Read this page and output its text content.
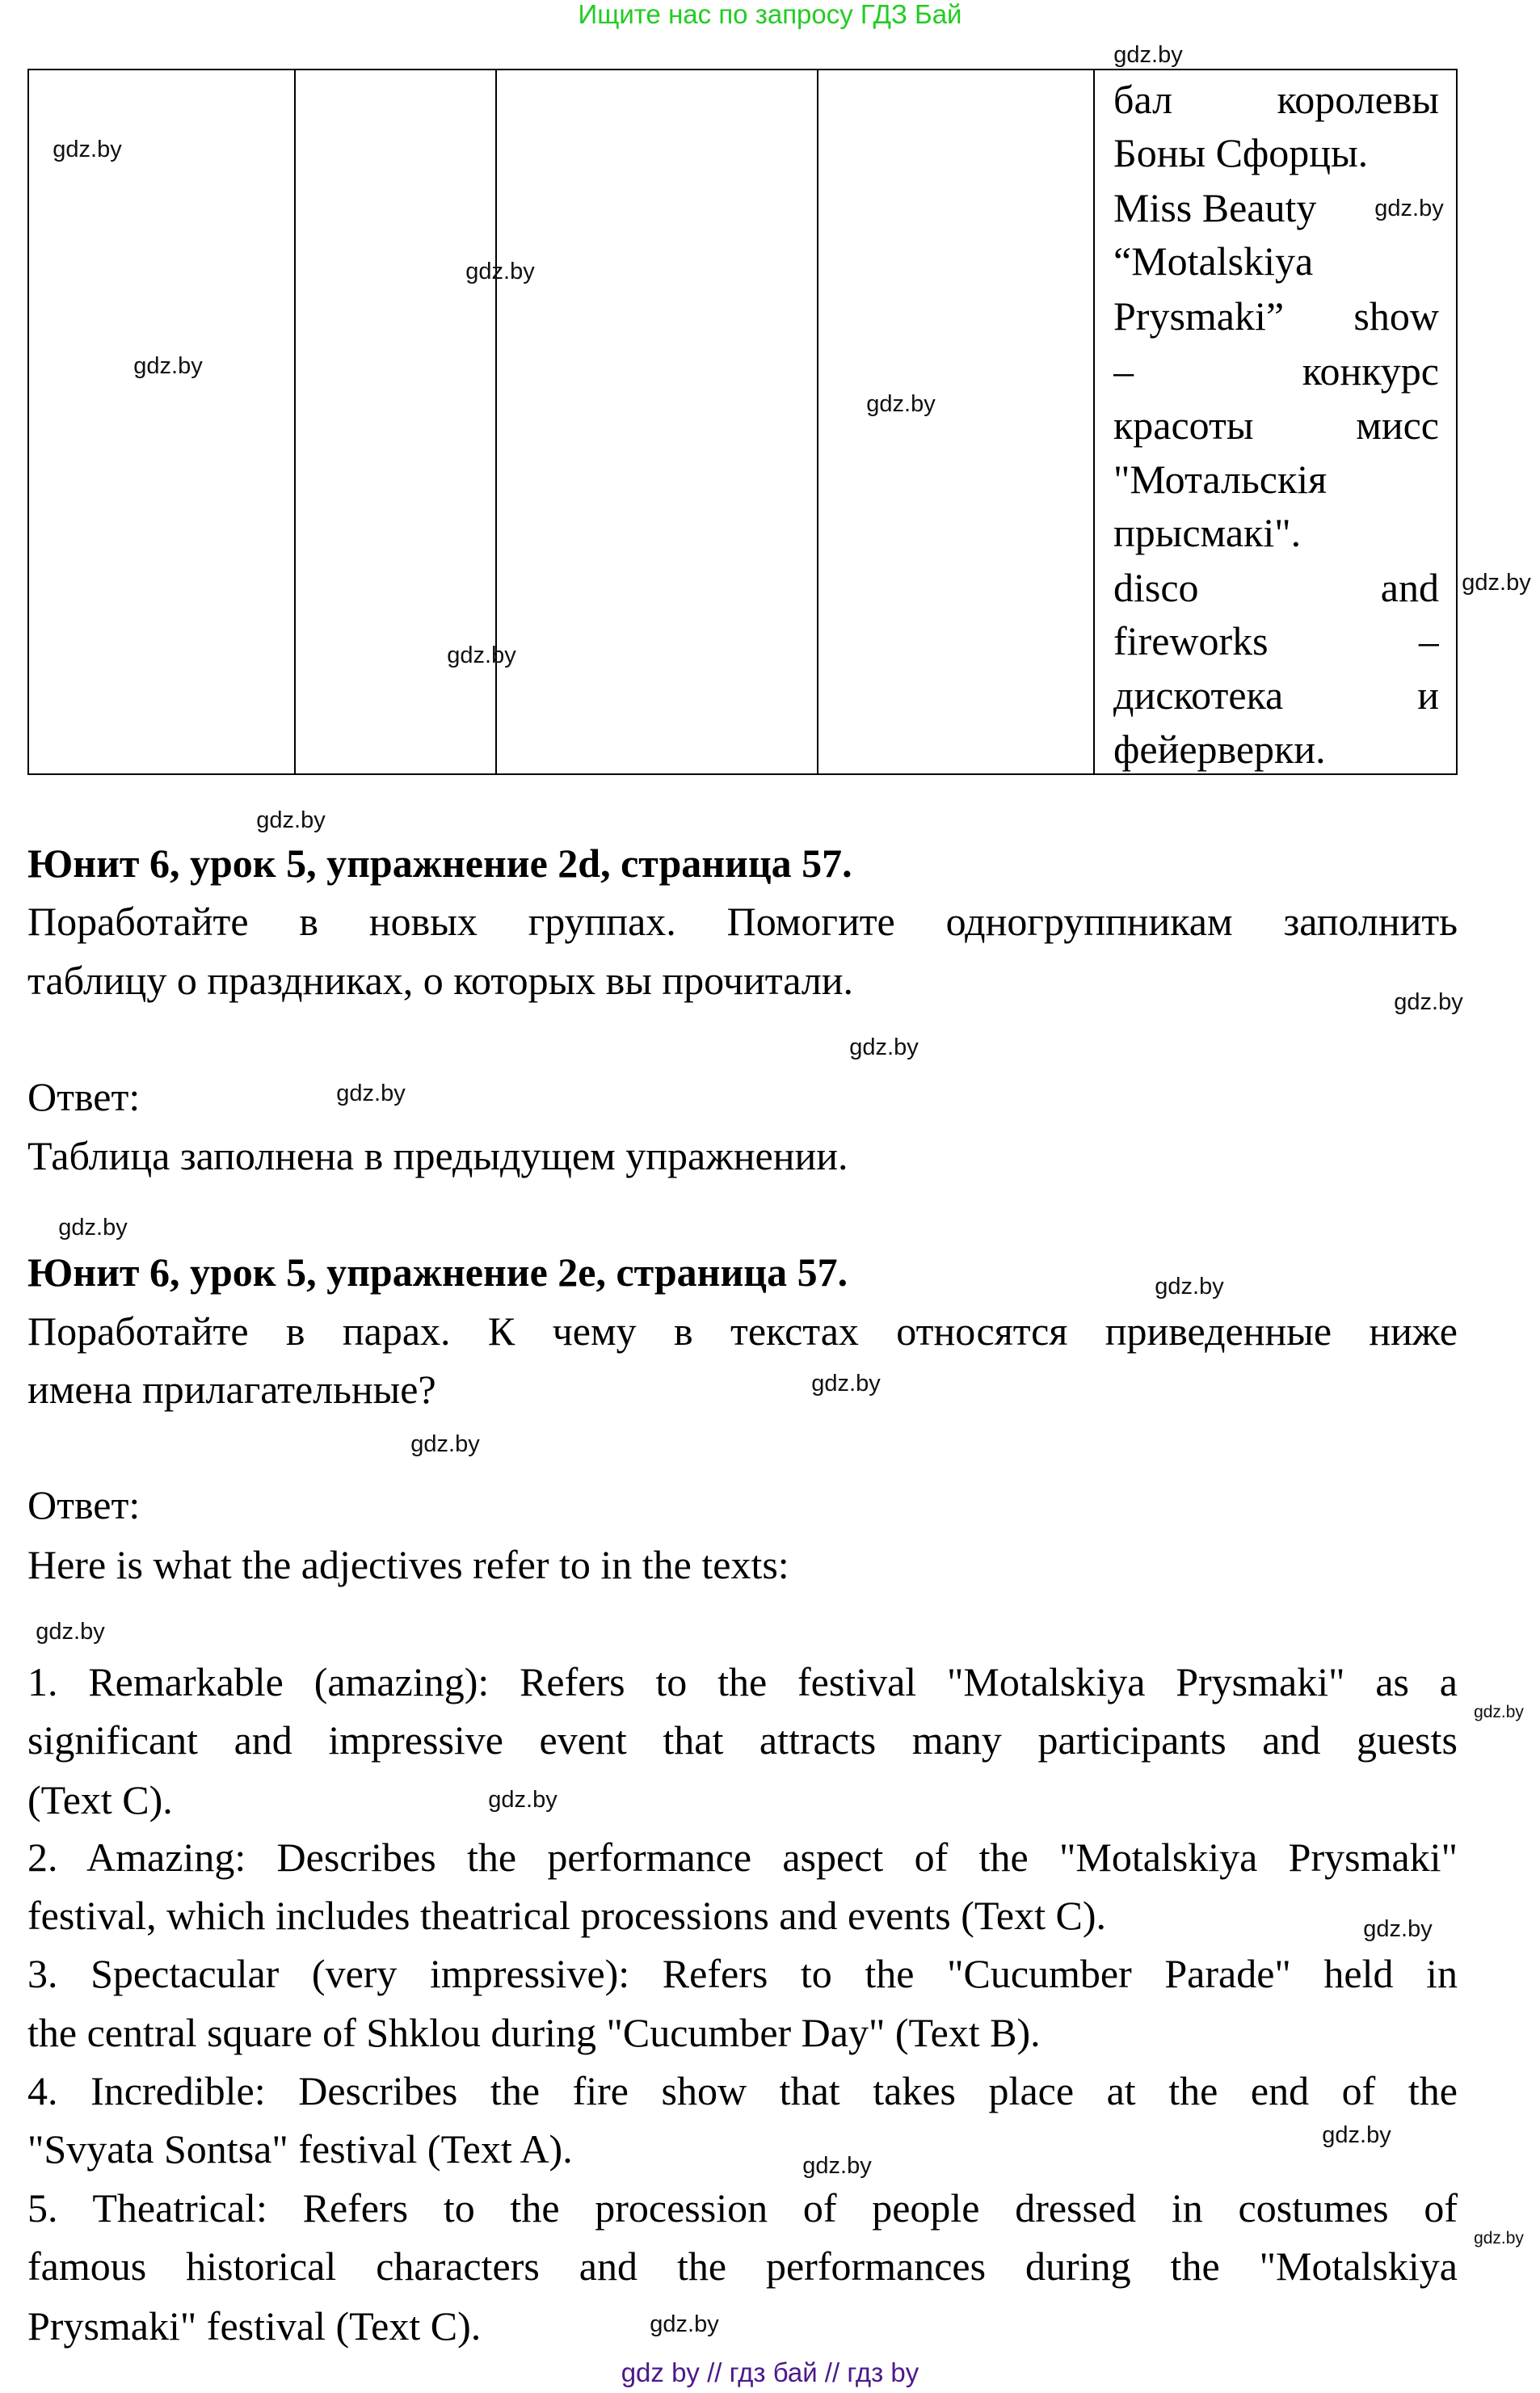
Ищите нас по запросу ГДЗ Бай
бал королевы
Боны Сфорцы.
Miss Beauty
“Motalskiya
Prysmaki” show
– конкурс
красоты мисс
"Мотальскія
прысмакі".
disco and
fireworks –
дискотека и
фейерверки.
Юнит 6, урок 5, упражнение 2d, страница 57.
Поработайте в новых группах. Помогите одногруппникам заполнить
таблицу о праздниках, о которых вы прочитали.
Ответ:
Таблица заполнена в предыдущем упражнении.
Юнит 6, урок 5, упражнение 2e, страница 57.
Поработайте в парах. К чему в текстах относятся приведенные ниже
имена прилагательные?
Ответ:
Here is what the adjectives refer to in the texts:
1. Remarkable (amazing): Refers to the festival "Motalskiya Prysmaki" as a
significant and impressive event that attracts many participants and guests
(Text C).
2. Amazing: Describes the performance aspect of the "Motalskiya Prysmaki"
festival, which includes theatrical processions and events (Text C).
3. Spectacular (very impressive): Refers to the "Cucumber Parade" held in
the central square of Shklou during "Cucumber Day" (Text B).
4. Incredible: Describes the fire show that takes place at the end of the
"Svyata Sontsa" festival (Text A).
5. Theatrical: Refers to the procession of people dressed in costumes of
famous historical characters and the performances during the "Motalskiya
Prysmaki" festival (Text C).
gdz.by
gdz.by
gdz.by
gdz.by
gdz.by
gdz.by
gdz.by
gdz.by
gdz.by
gdz.by
gdz.by
gdz.by
gdz.by
gdz.by
gdz.by
gdz.by
gdz.by
gdz.by
gdz.by
gdz.by
gdz.by
gdz.by
gdz.by
gdz.by
gdz by // гдз бай // гдз by
